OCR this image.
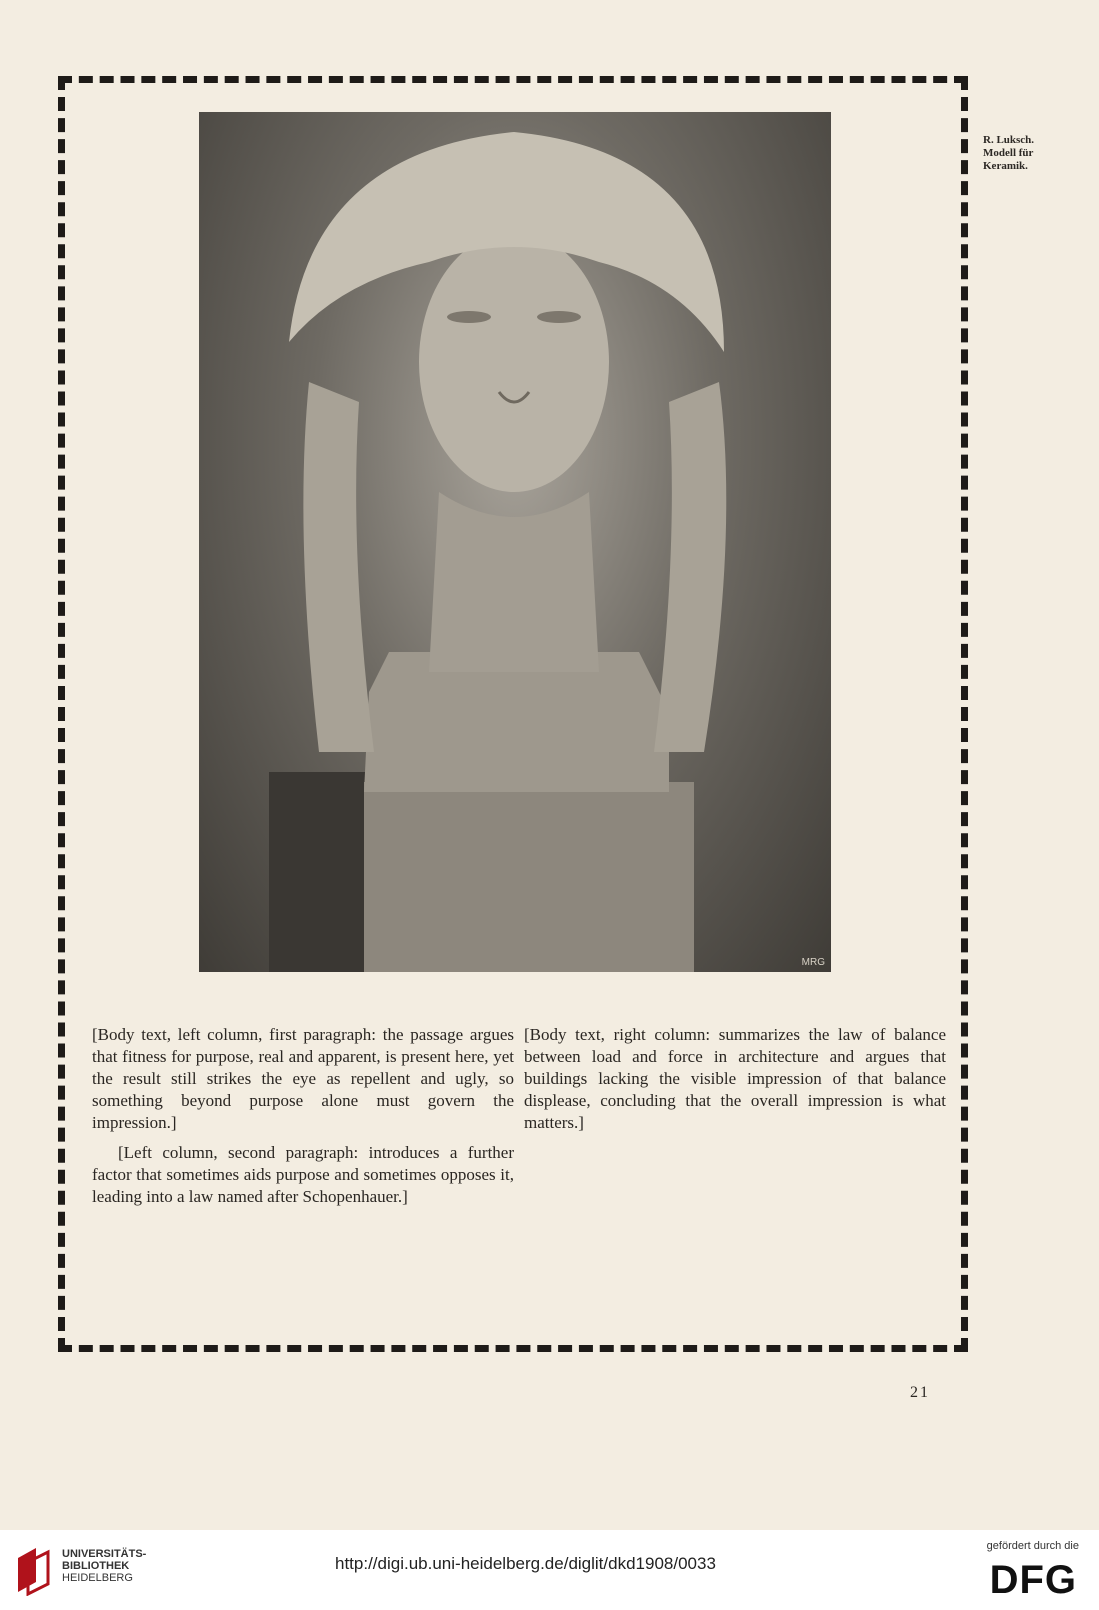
MRG
R. Luksch.
Modell für
Keramik.

[Body text, left column, first paragraph: the passage argues that fitness for purpose, real and apparent, is present here, yet the result still strikes the eye as repellent and ugly, so something beyond purpose alone must govern the impression.]

[Left column, second paragraph: introduces a further factor that sometimes aids purpose and sometimes opposes it, leading into a law named after Schopenhauer.]

[Body text, right column: summarizes the law of balance between load and force in architecture and argues that buildings lacking the visible impression of that balance displease, concluding that the overall impression is what matters.]

21
UNIVERSITÄTS-
BIBLIOTHEK
HEIDELBERG
http://digi.ub.uni-heidelberg.de/diglit/dkd1908/0033
gefördert durch die
DFG
